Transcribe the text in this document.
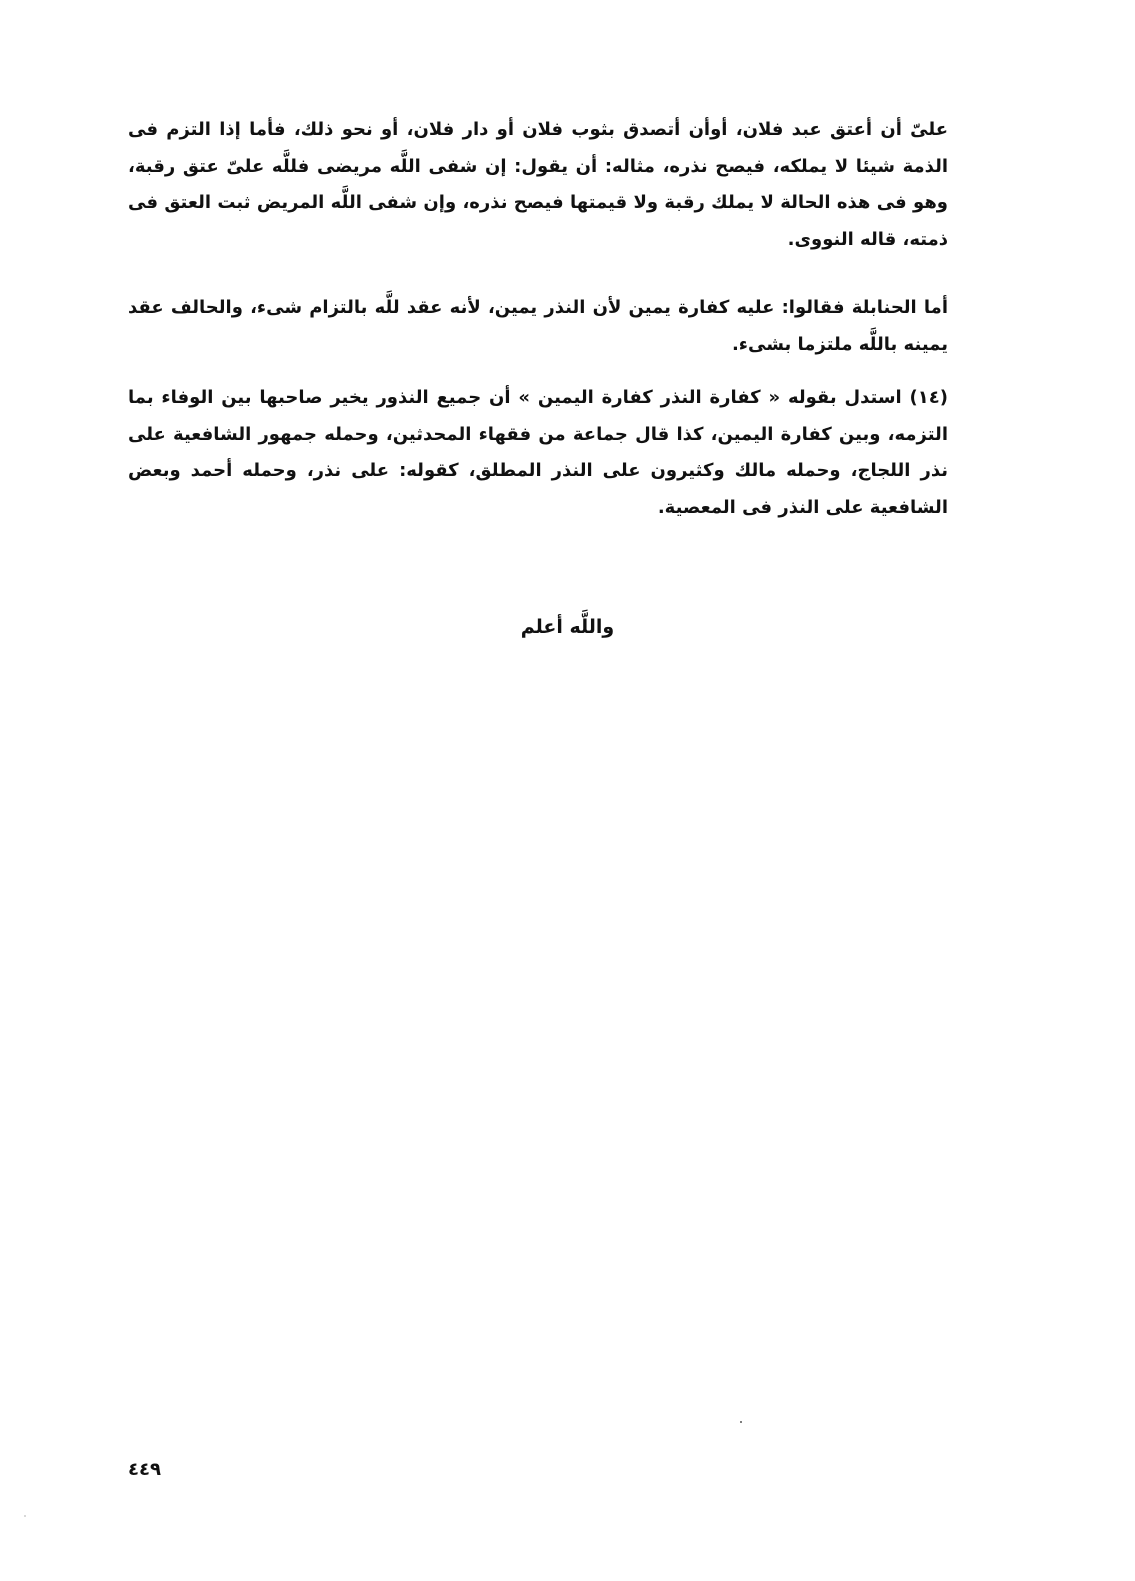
علىّ أن أعتق عبد فلان، أوأن أتصدق بثوب فلان أو دار فلان، أو نحو ذلك، فأما إذا التزم فى الذمة شيئا لا يملكه، فيصح نذره، مثاله: أن يقول: إن شفى اللَّه مريضى فللَّه علىّ عتق رقبة، وهو فى هذه الحالة لا يملك رقبة ولا قيمتها فيصح نذره، وإن شفى اللَّه المريض ثبت العتق فى ذمته، قاله النووى.

أما الحنابلة فقالوا: عليه كفارة يمين لأن النذر يمين، لأنه عقد للَّه بالتزام شىء، والحالف عقد يمينه باللَّه ملتزما بشىء.

(١٤) استدل بقوله « كفارة النذر كفارة اليمين » أن جميع النذور يخير صاحبها بين الوفاء بما التزمه، وبين كفارة اليمين، كذا قال جماعة من فقهاء المحدثين، وحمله جمهور الشافعية على نذر اللجاج، وحمله مالك وكثيرون على النذر المطلق، كقوله: على نذر، وحمله أحمد وبعض الشافعية على النذر فى المعصية.

واللَّه أعلم
٤٤٩
